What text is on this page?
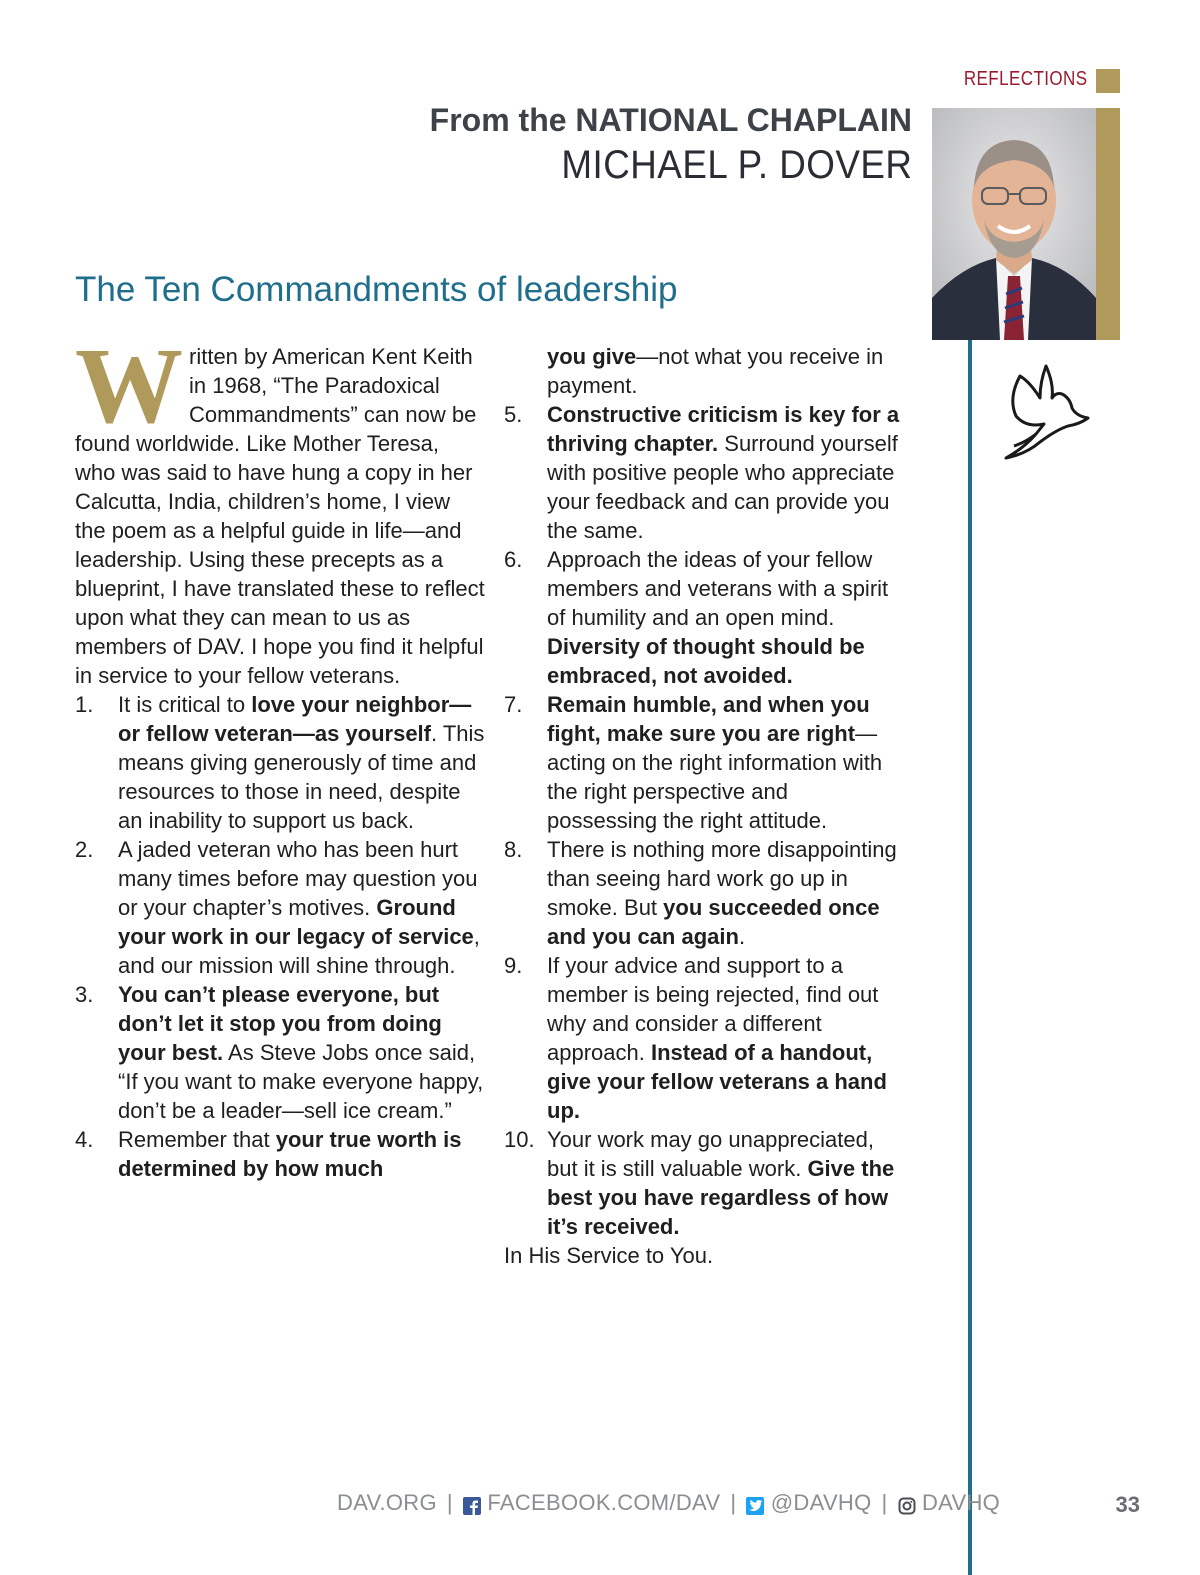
REFLECTIONS
From the NATIONAL CHAPLAIN
MICHAEL P. DOVER
The Ten Commandments of leadership

Written by American Kent Keith in 1968, “The Paradoxical Commandments” can now be found worldwide. Like Mother Teresa, who was said to have hung a copy in her Calcutta, India, children’s home, I view the poem as a helpful guide in life—and leadership. Using these precepts as a blueprint, I have translated these to reflect upon what they can mean to us as members of DAV. I hope you find it helpful in service to your fellow veterans.

1. It is critical to love your neighbor—or fellow veteran—as yourself. This means giving generously of time and resources to those in need, despite an inability to support us back.
2. A jaded veteran who has been hurt many times before may question you or your chapter’s motives. Ground your work in our legacy of service, and our mission will shine through.
3. You can’t please everyone, but don’t let it stop you from doing your best. As Steve Jobs once said, “If you want to make everyone happy, don’t be a leader—sell ice cream.”
4. Remember that your true worth is determined by how much

you give—not what you receive in payment.

5. Constructive criticism is key for a thriving chapter. Surround yourself with positive people who appreciate your feedback and can provide you the same.
6. Approach the ideas of your fellow members and veterans with a spirit of humility and an open mind. Diversity of thought should be embraced, not avoided.
7. Remain humble, and when you fight, make sure you are right—acting on the right information with the right perspective and possessing the right attitude.
8. There is nothing more disappointing than seeing hard work go up in smoke. But you succeeded once and you can again.
9. If your advice and support to a member is being rejected, find out why and consider a different approach. Instead of a handout, give your fellow veterans a hand up.
10. Your work may go unappreciated, but it is still valuable work. Give the best you have regardless of how it’s received.

In His Service to You.

DAV.ORG |	FACEBOOK.COM/DAV |	@DAVHQ |	DAVHQ	33
